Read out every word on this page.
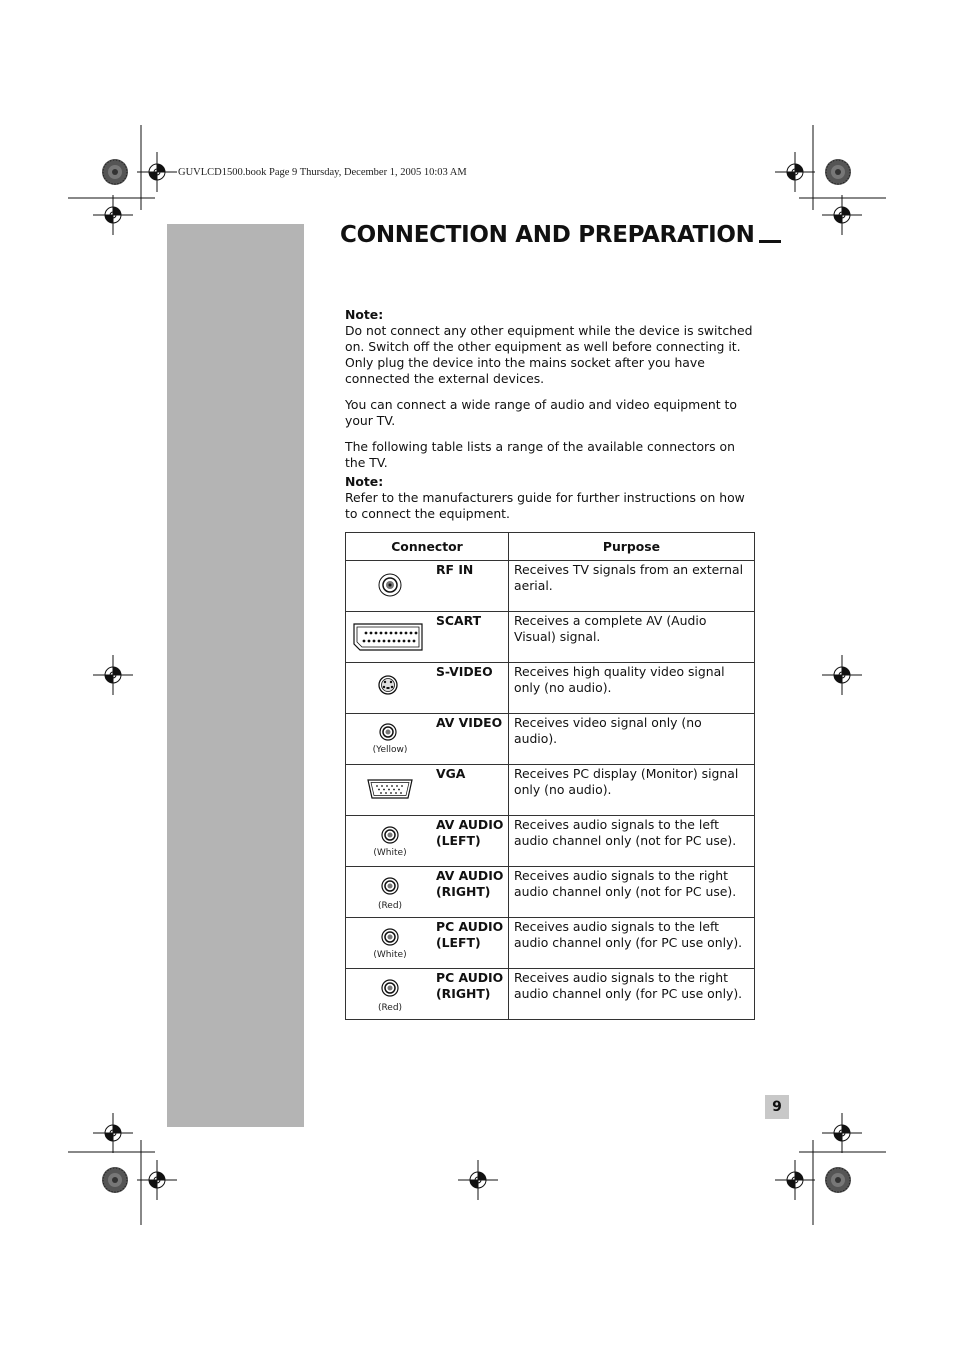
GUVLCD1500.book Page 9 Thursday, December 1, 2005 10:03 AM
CONNECTION AND PREPARATION
Note:
Do not connect any other equipment while the device is switched on. Switch off the other equipment as well before connecting it. Only plug the device into the mains socket after you have connected the external devices.
You can connect a wide range of audio and video equipment to your TV.
The following table lists a range of the available connectors on the TV.
Note:
Refer to the manufacturers guide for further instructions on how to connect the equipment.
Connector	Purpose

RF IN	Receives TV signals from an external aerial.

SCART	Receives a complete AV (Audio Visual) signal.

S-VIDEO	Receives high quality video signal only (no audio).

(Yellow)
AV VIDEO	Receives video signal only (no audio).

VGA	Receives PC display (Monitor) signal only (no audio).

(White)
AV AUDIO (LEFT)	Receives audio signals to the left audio channel only (not for PC use).

(Red)
AV AUDIO (RIGHT)	Receives audio signals to the right audio channel only (not for PC use).

(White)
PC AUDIO (LEFT)	Receives audio signals to the left audio channel only (for PC use only).

(Red)
PC AUDIO (RIGHT)	Receives audio signals to the right audio channel only (for PC use only).
9
